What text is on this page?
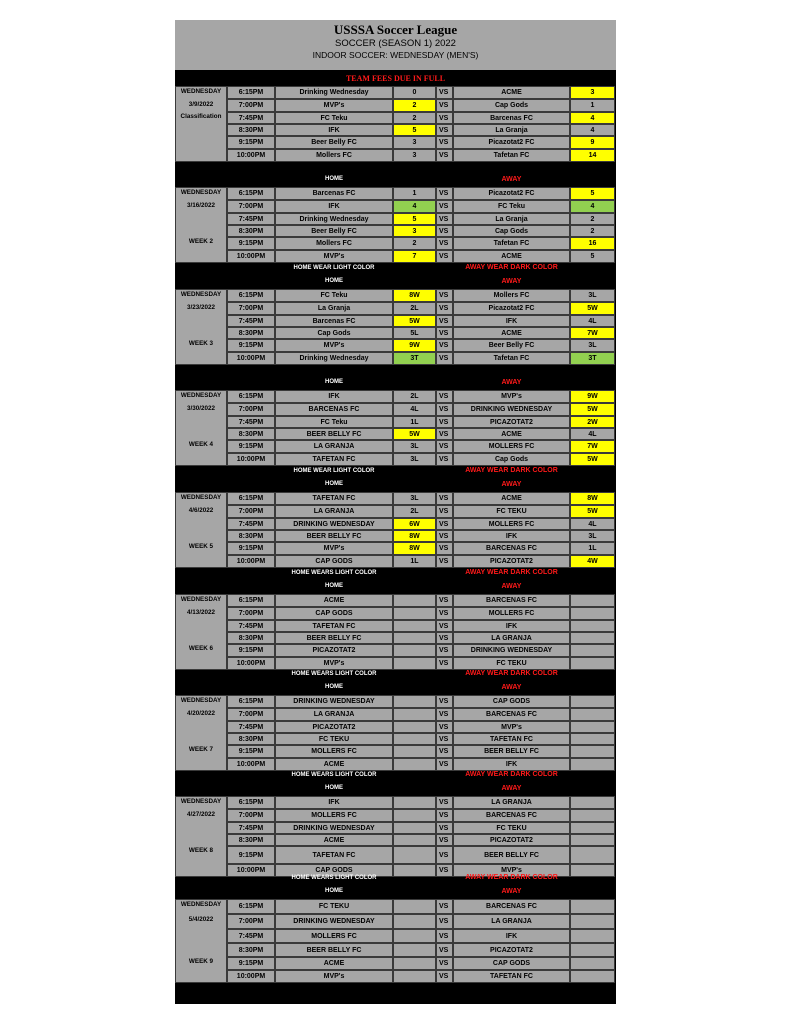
USSSA Soccer League
SOCCER (SEASON 1) 2022
INDOOR SOCCER: WEDNESDAY (MEN'S)
TEAM FEES DUE IN FULL
WEDNESDAY
3/9/2022
Classification
6:15PM	Drinking Wednesday	0	VS	ACME	3
7:00PM	MVP's	2	VS	Cap Gods	1
7:45PM	FC Teku	2	VS	Barcenas FC	4
8:30PM	IFK	5	VS	La Granja	4
9:15PM	Beer Belly FC	3	VS	Picazotat2 FC	9
10:00PM	Mollers FC	3	VS	Tafetan FC	14
HOME	AWAY
WEDNESDAY
3/16/2022
WEEK 2
6:15PM	Barcenas FC	1	VS	Picazotat2 FC	5
7:00PM	IFK	4	VS	FC Teku	4
7:45PM	Drinking Wednesday	5	VS	La Granja	2
8:30PM	Beer Belly FC	3	VS	Cap Gods	2
9:15PM	Mollers FC	2	VS	Tafetan FC	16
10:00PM	MVP's	7	VS	ACME	5
HOME WEAR LIGHT COLOR	AWAY WEAR DARK COLOR
HOME	AWAY
WEDNESDAY
3/23/2022
WEEK 3
6:15PM	FC Teku	8W	VS	Mollers FC	3L
7:00PM	La Granja	2L	VS	Picazotat2 FC	5W
7:45PM	Barcenas FC	5W	VS	IFK	4L
8:30PM	Cap Gods	5L	VS	ACME	7W
9:15PM	MVP's	9W	VS	Beer Belly FC	3L
10:00PM	Drinking Wednesday	3T	VS	Tafetan FC	3T
HOME	AWAY
WEDNESDAY
3/30/2022
WEEK 4
6:15PM	IFK	2L	VS	MVP's	9W
7:00PM	BARCENAS FC	4L	VS	DRINKING WEDNESDAY	5W
7:45PM	FC Teku	1L	VS	PICAZOTAT2	2W
8:30PM	BEER BELLY FC	5W	VS	ACME	4L
9:15PM	LA GRANJA	3L	VS	MOLLERS FC	7W
10:00PM	TAFETAN FC	3L	VS	Cap Gods	5W
HOME WEAR LIGHT COLOR	AWAY WEAR DARK COLOR
HOME	AWAY
WEDNESDAY
4/6/2022
WEEK 5
6:15PM	TAFETAN FC	3L	VS	ACME	8W
7:00PM	LA GRANJA	2L	VS	FC TEKU	5W
7:45PM	DRINKING WEDNESDAY	6W	VS	MOLLERS FC	4L
8:30PM	BEER BELLY FC	8W	VS	IFK	3L
9:15PM	MVP's	8W	VS	BARCENAS FC	1L
10:00PM	CAP GODS	1L	VS	PICAZOTAT2	4W
HOME WEARS LIGHT COLOR	AWAY WEAR DARK COLOR
HOME	AWAY
WEDNESDAY
4/13/2022
WEEK 6
6:15PM	ACME	VS	BARCENAS FC
7:00PM	CAP GODS	VS	MOLLERS FC
7:45PM	TAFETAN FC	VS	IFK
8:30PM	BEER BELLY FC	VS	LA GRANJA
9:15PM	PICAZOTAT2	VS	DRINKING WEDNESDAY
10:00PM	MVP's	VS	FC TEKU
HOME WEARS LIGHT COLOR	AWAY WEAR DARK COLOR
HOME	AWAY
WEDNESDAY
4/20/2022
WEEK 7
6:15PM	DRINKING WEDNESDAY	VS	CAP GODS
7:00PM	LA GRANJA	VS	BARCENAS FC
7:45PM	PICAZOTAT2	VS	MVP's
8:30PM	FC TEKU	VS	TAFETAN FC
9:15PM	MOLLERS FC	VS	BEER BELLY FC
10:00PM	ACME	VS	IFK
HOME WEARS LIGHT COLOR	AWAY WEAR DARK COLOR
HOME	AWAY
WEDNESDAY
4/27/2022
WEEK 8
6:15PM	IFK	VS	LA GRANJA
7:00PM	MOLLERS FC	VS	BARCENAS FC
7:45PM	DRINKING WEDNESDAY	VS	FC TEKU
8:30PM	ACME	VS	PICAZOTAT2
9:15PM	TAFETAN FC	VS	BEER BELLY FC
10:00PM	CAP GODS	VS	MVP's
HOME WEARS LIGHT COLOR	AWAY WEAR DARK COLOR
HOME	AWAY
WEDNESDAY
5/4/2022
WEEK 9
6:15PM	FC TEKU	VS	BARCENAS FC
7:00PM	DRINKING WEDNESDAY	VS	LA GRANJA
7:45PM	MOLLERS FC	VS	IFK
8:30PM	BEER BELLY FC	VS	PICAZOTAT2
9:15PM	ACME	VS	CAP GODS
10:00PM	MVP's	VS	TAFETAN FC
